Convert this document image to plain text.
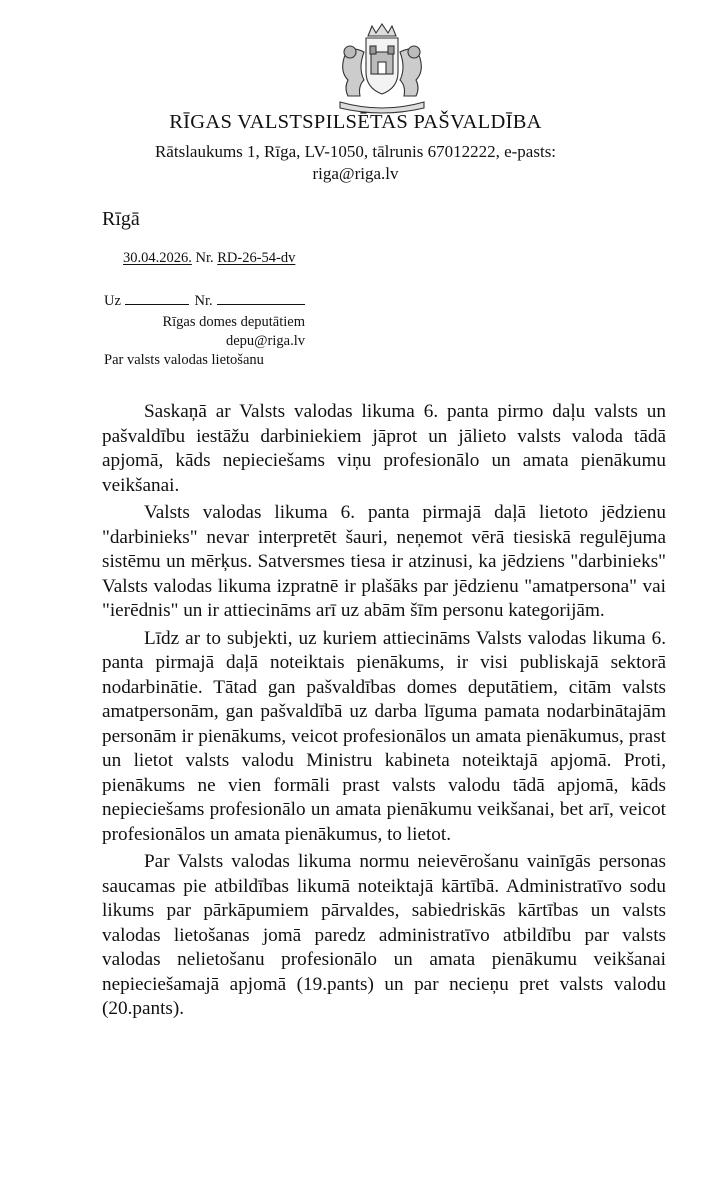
RĪGAS VALSTSPILSĒTAS PAŠVALDĪBA
Rātslaukums 1, Rīga, LV-1050, tālrunis 67012222, e-pasts:
riga@riga.lv
Rīgā
30.04.2026. Nr. RD-26-54-dv
Uz	Nr.
Rīgas domes deputātiem
depu@riga.lv
Par valsts valodas lietošanu

Saskaņā ar Valsts valodas likuma 6. panta pirmo daļu valsts un pašvaldību iestāžu darbiniekiem jāprot un jālieto valsts valoda tādā apjomā, kāds nepieciešams viņu profesionālo un amata pienākumu veikšanai.

Valsts valodas likuma 6. panta pirmajā daļā lietoto jēdzienu "darbinieks" nevar interpretēt šauri, neņemot vērā tiesiskā regulējuma sistēmu un mērķus. Satversmes tiesa ir atzinusi, ka jēdziens "darbinieks" Valsts valodas likuma izpratnē ir plašāks par jēdzienu "amatpersona" vai "ierēdnis" un ir attiecināms arī uz abām šīm personu kategorijām.

Līdz ar to subjekti, uz kuriem attiecināms Valsts valodas likuma 6. panta pirmajā daļā noteiktais pienākums, ir visi publiskajā sektorā nodarbinātie. Tātad gan pašvaldības domes deputātiem, citām valsts amatpersonām, gan pašvaldībā uz darba līguma pamata nodarbinātajām personām ir pienākums, veicot profesionālos un amata pienākumus, prast un lietot valsts valodu Ministru kabineta noteiktajā apjomā. Proti, pienākums ne vien formāli prast valsts valodu tādā apjomā, kāds nepieciešams profesionālo un amata pienākumu veikšanai, bet arī, veicot profesionālos un amata pienākumus, to lietot.

Par Valsts valodas likuma normu neievērošanu vainīgās personas saucamas pie atbildības likumā noteiktajā kārtībā. Administratīvo sodu likums par pārkāpumiem pārvaldes, sabiedriskās kārtības un valsts valodas lietošanas jomā paredz administratīvo atbildību par valsts valodas nelietošanu profesionālo un amata pienākumu veikšanai nepieciešamajā apjomā (19.pants) un par necieņu pret valsts valodu (20.pants).
